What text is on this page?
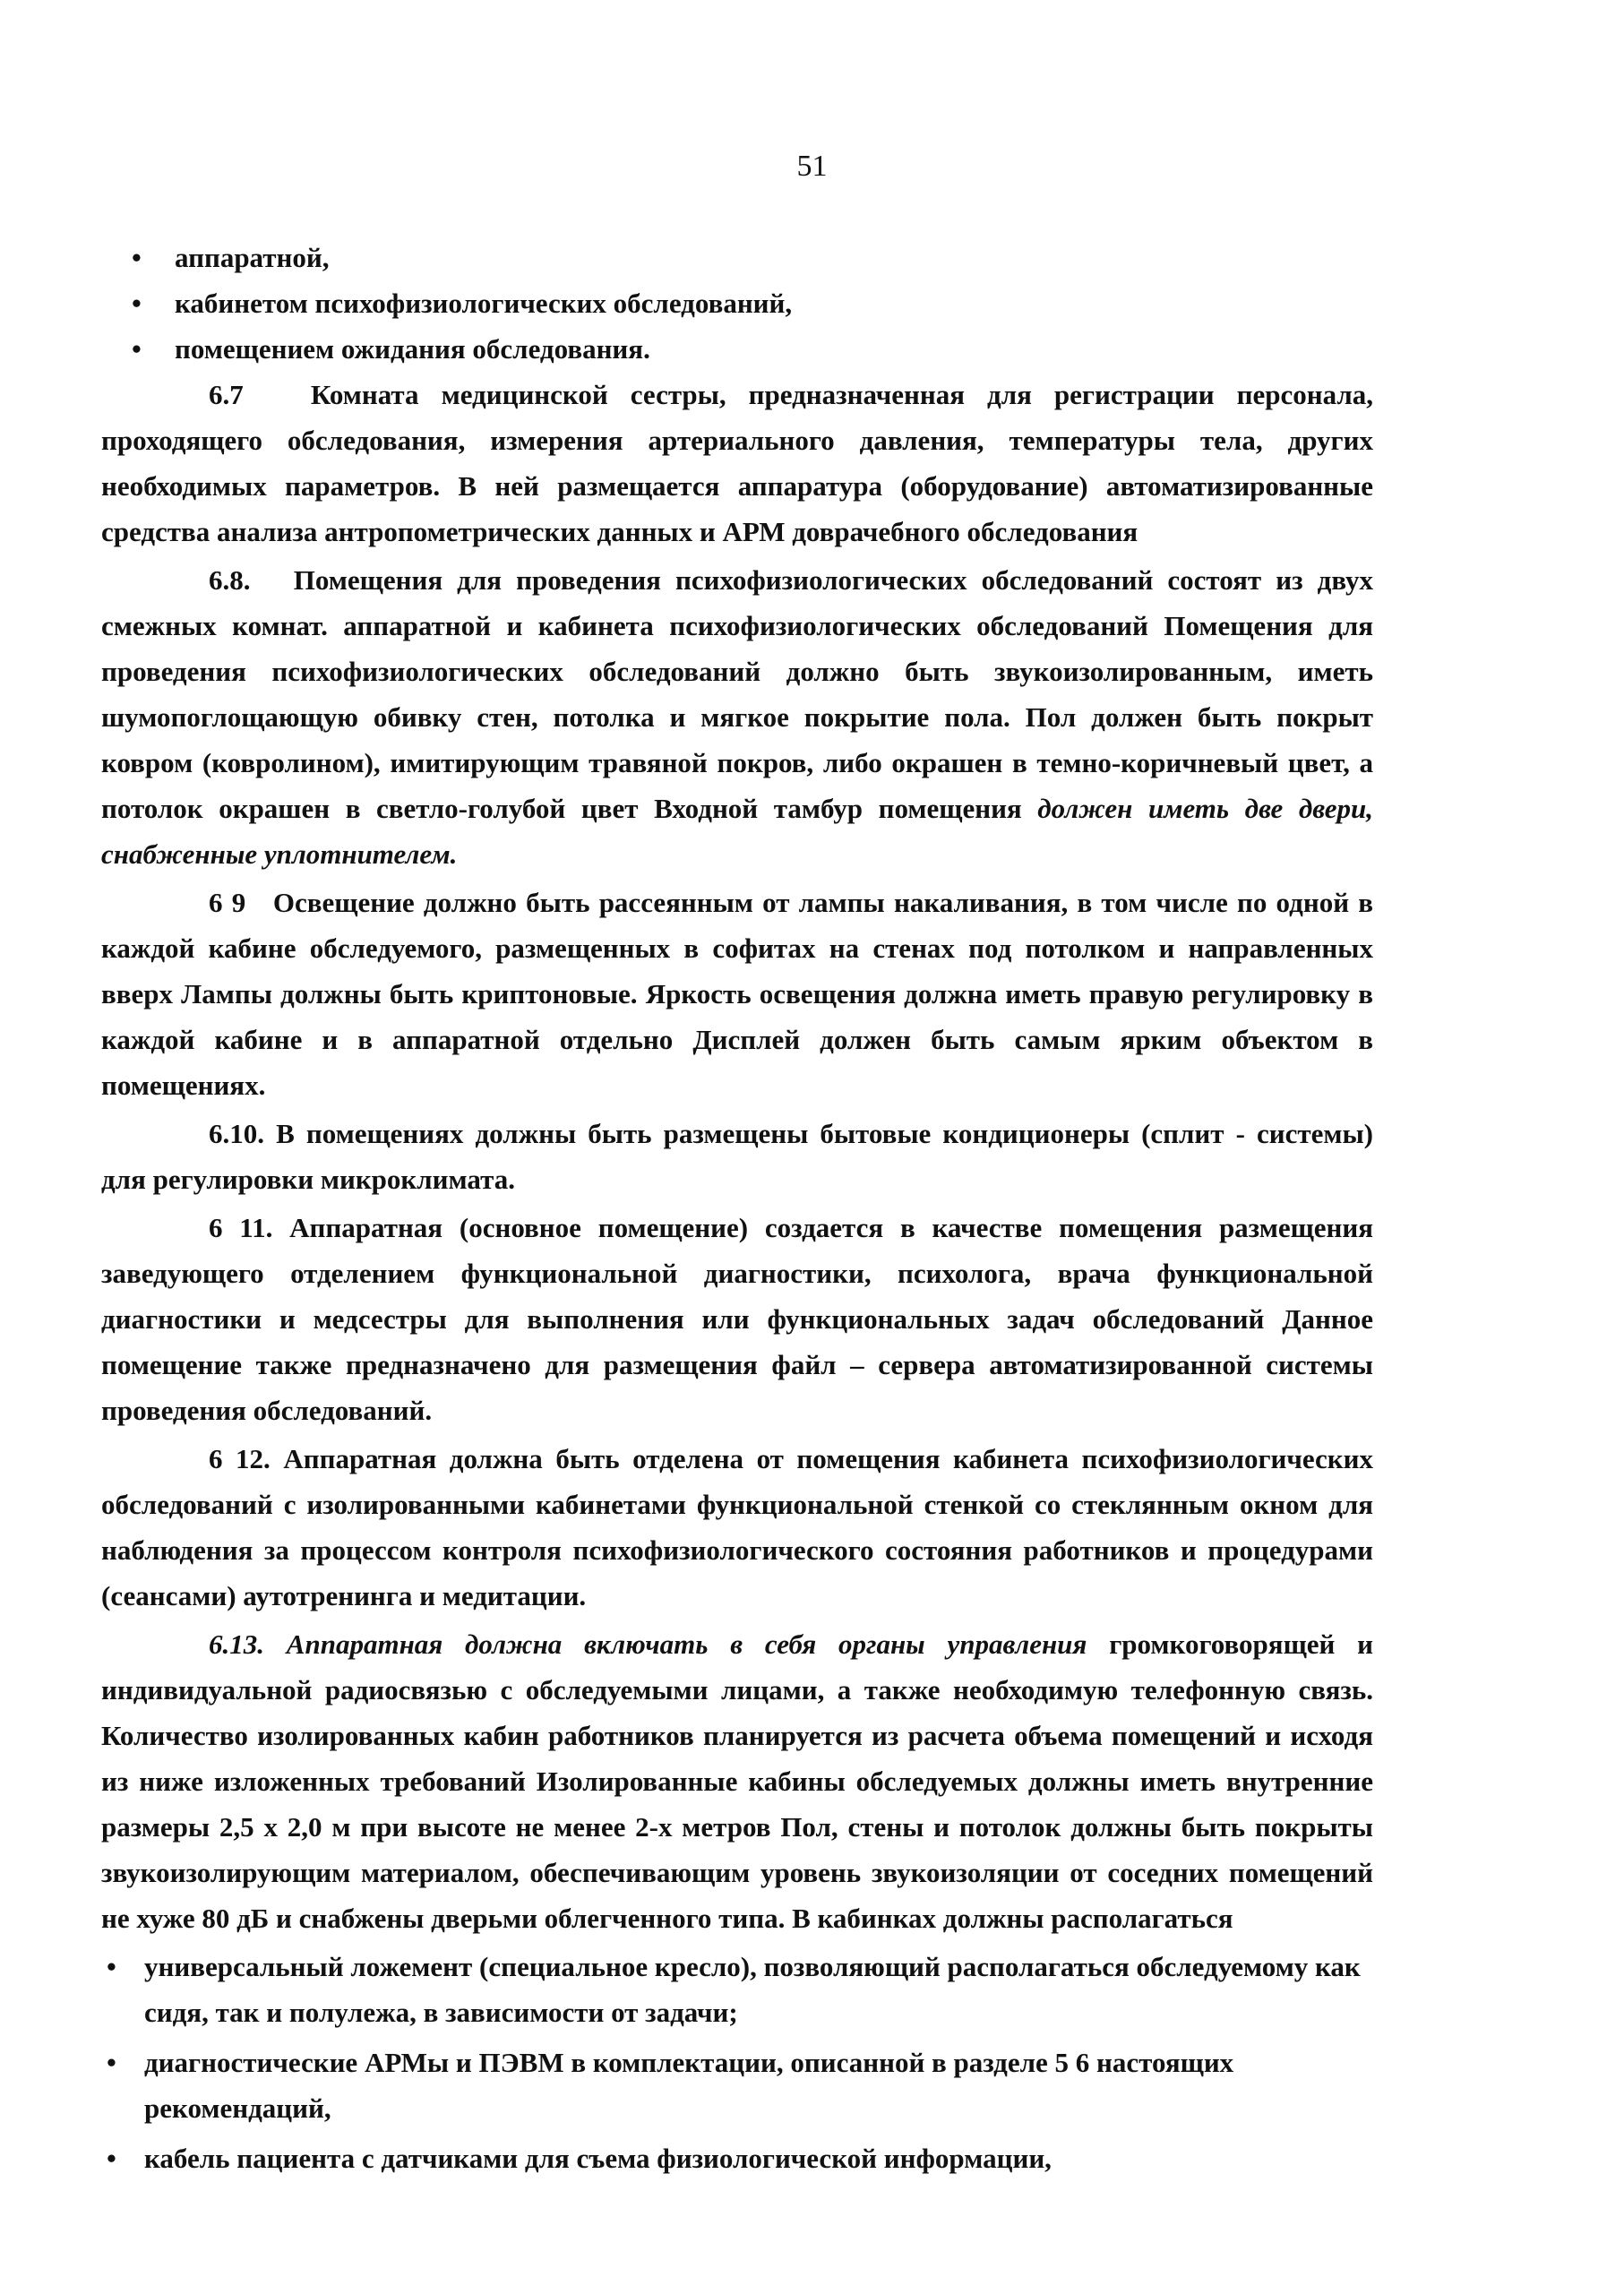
51
• аппаратной,
• кабинетом психофизиологических обследований,
• помещением ожидания обследования.

6.7 Комната медицинской сестры, предназначенная для регистрации персонала, проходящего обследования, измерения артериального давления, температуры тела, других необходимых параметров. В ней размещается аппаратура (оборудование) автоматизированные средства анализа антропометрических данных и АРМ доврачебного обследования

6.8. Помещения для проведения психофизиологических обследований состоят из двух смежных комнат. аппаратной и кабинета психофизиологических обследований Помещения для проведения психофизиологических обследований должно быть звукоизолированным, иметь шумопоглощающую обивку стен, потолка и мягкое покрытие пола. Пол должен быть покрыт ковром (ковролином), имитирующим травяной покров, либо окрашен в темно-коричневый цвет, а потолок окрашен в светло-голубой цвет Входной тамбур помещения должен иметь две двери, снабженные уплотнителем.

6 9 Освещение должно быть рассеянным от лампы накаливания, в том числе по одной в каждой кабине обследуемого, размещенных в софитах на стенах под потолком и направленных вверх Лампы должны быть криптоновые. Яркость освещения должна иметь правую регулировку в каждой кабине и в аппаратной отдельно Дисплей должен быть самым ярким объектом в помещениях.

6.10. В помещениях должны быть размещены бытовые кондиционеры (сплит - системы) для регулировки микроклимата.

6 11. Аппаратная (основное помещение) создается в качестве помещения размещения заведующего отделением функциональной диагностики, психолога, врача функциональной диагностики и медсестры для выполнения или функциональных задач обследований Данное помещение также предназначено для размещения файл – сервера автоматизированной системы проведения обследований.

6 12. Аппаратная должна быть отделена от помещения кабинета психофизиологических обследований с изолированными кабинетами функциональной стенкой со стеклянным окном для наблюдения за процессом контроля психофизиологического состояния работников и процедурами (сеансами) аутотренинга и медитации.

6.13. Аппаратная должна включать в себя органы управления громкоговорящей и индивидуальной радиосвязью с обследуемыми лицами, а также необходимую телефонную связь. Количество изолированных кабин работников планируется из расчета объема помещений и исходя из ниже изложенных требований Изолированные кабины обследуемых должны иметь внутренние размеры 2,5 х 2,0 м при высоте не менее 2-х метров Пол, стены и потолок должны быть покрыты звукоизолирующим материалом, обеспечивающим уровень звукоизоляции от соседних помещений не хуже 80 дБ и снабжены дверьми облегченного типа. В кабинках должны располагаться

• универсальный ложемент (специальное кресло), позволяющий располагаться обследуемому как сидя, так и полулежа, в зависимости от задачи;
• диагностические АРМы и ПЭВМ в комплектации, описанной в разделе 5 6 настоящих рекомендаций,
• кабель пациента с датчиками для съема физиологической информации,
